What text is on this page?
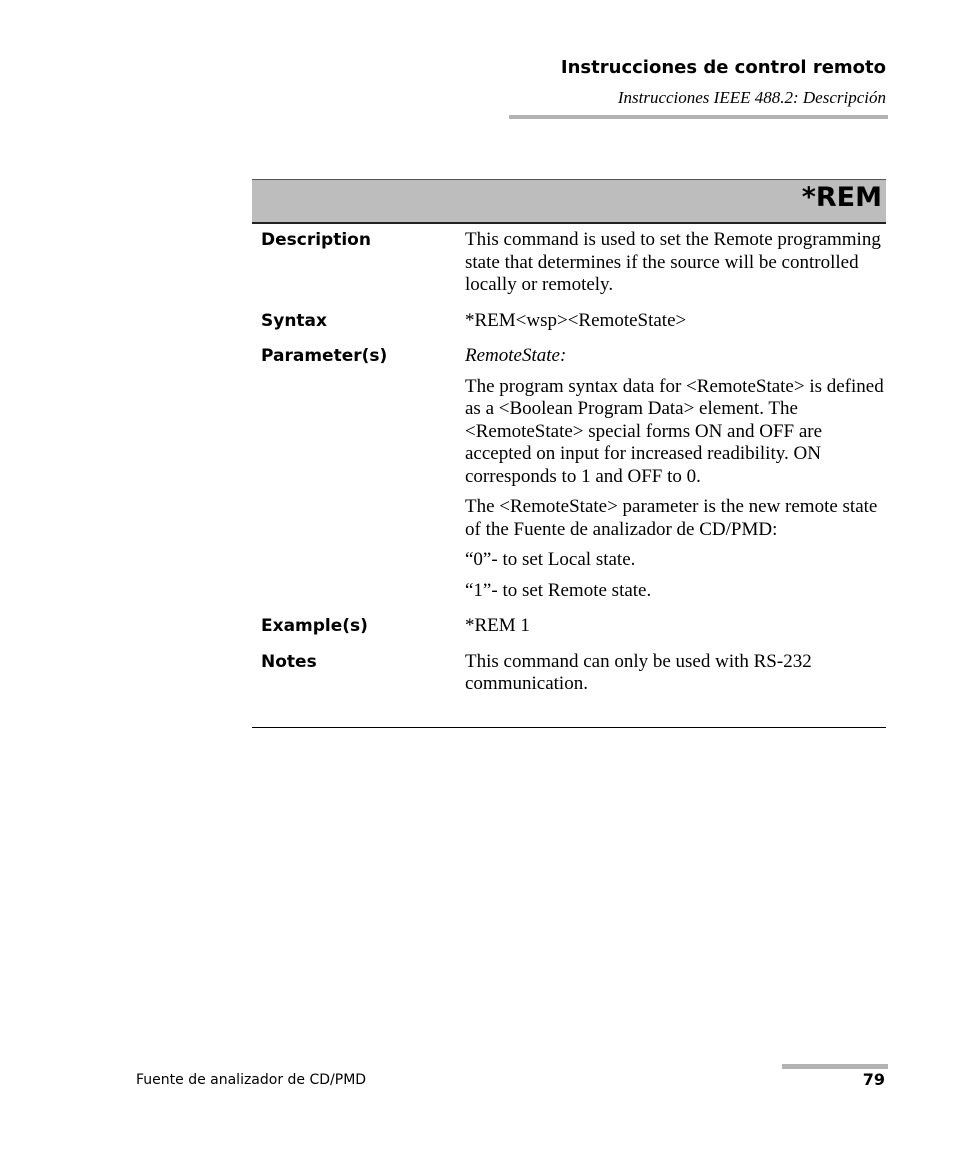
Instrucciones de control remoto
Instrucciones IEEE 488.2: Descripción
*REM
Description	This command is used to set the Remote programming state that determines if the source will be controlled locally or remotely.

Syntax	*REM<wsp><RemoteState>

Parameter(s)	RemoteState:

The program syntax data for <RemoteState> is defined as a <Boolean Program Data> element. The <RemoteState> special forms ON and OFF are accepted on input for increased readibility. ON corresponds to 1 and OFF to 0.

The <RemoteState> parameter is the new remote state of the Fuente de analizador de CD/PMD:

“0”- to set Local state.

“1”- to set Remote state.

Example(s)	*REM 1

Notes	This command can only be used with RS-232 communication.

Fuente de analizador de CD/PMD	79
